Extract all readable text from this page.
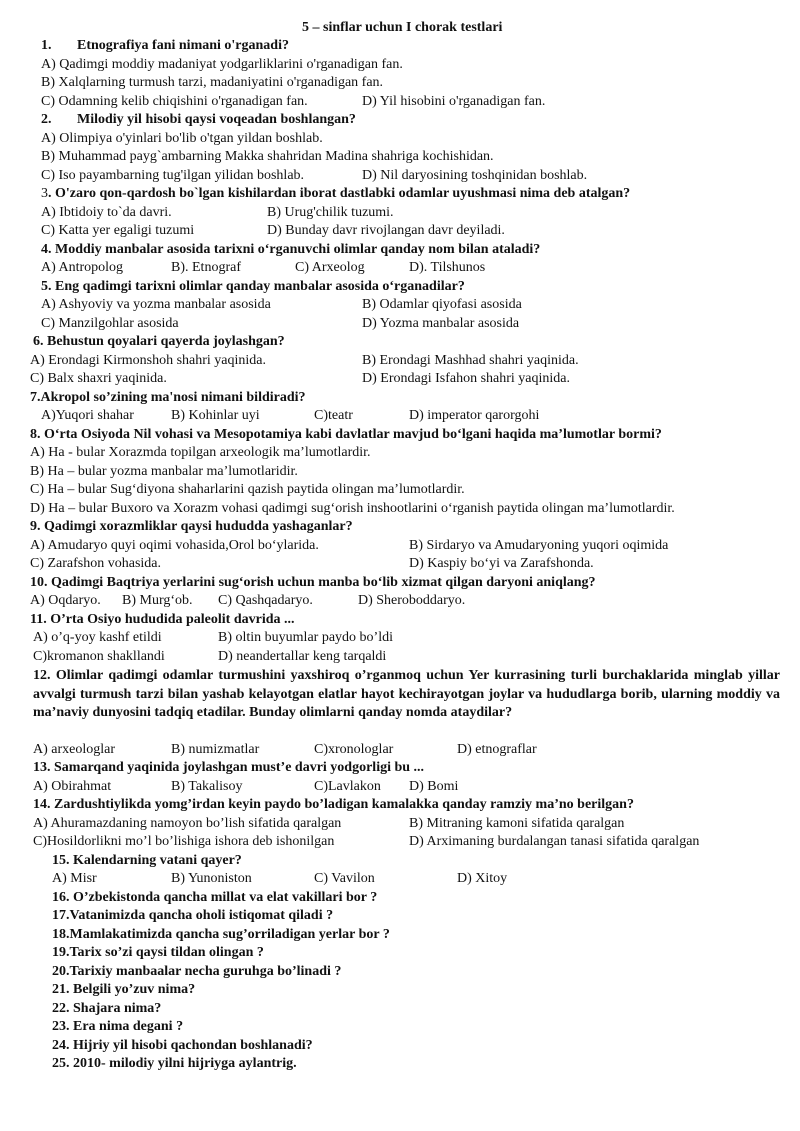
5 – sinflar uchun I chorak testlari
1. Etnografiya fani nimani o'rganadi?
A) Qadimgi moddiy madaniyat yodgarliklarini o'rganadigan fan.
B) Xalqlarning turmush tarzi, madaniyatini o'rganadigan fan.
C) Odamning kelib chiqishini o'rganadigan fan.	D) Yil hisobini o'rganadigan fan.
2. Milodiy yil hisobi qaysi voqeadan boshlangan?
A) Olimpiya o'yinlari bo'lib o'tgan yildan boshlab.
B) Muhammad payg`ambarning Makka shahridan Madina shahriga kochishidan.
C) Iso payambarning tug'ilgan yilidan boshlab.	D) Nil daryosining toshqinidan boshlab.
3 . O'zaro qon-qardosh bo`lgan kishilardan iborat dastlabki odamlar uyushmasi nima deb atalgan?
A) Ibtidoiy to`da davri.	B) Urug'chilik tuzumi.
C) Katta yer egaligi tuzumi	D) Bunday davr rivojlangan davr deyiladi.
4. Moddiy manbalar asosida tarixni o‘rganuvchi olimlar qanday nom bilan ataladi?
A) Antropolog	B). Etnograf	C) Arxeolog	D). Tilshunos
5. Eng qadimgi tarixni olimlar qanday manbalar asosida o‘rganadilar?
A) Ashyoviy va yozma manbalar asosida	B) Odamlar qiyofasi asosida
C) Manzilgohlar asosida	D) Yozma manbalar asosida
6. Behustun qoyalari qayerda joylashgan?
A) Erondagi Kirmonshoh shahri yaqinida.	B) Erondagi Mashhad shahri yaqinida.
C) Balx shaxri yaqinida.	D) Erondagi Isfahon shahri yaqinida.
7.Akropol so’zining ma'nosi nimani bildiradi?
A)Yuqori shahar	B) Kohinlar uyi	C)teatr	D) imperator qarorgohi
8. O‘rta Osiyoda Nil vohasi va Mesopotamiya kabi davlatlar mavjud bo‘lgani haqida ma’lumotlar bormi?
A) Ha - bular Xorazmda topilgan arxeologik ma’lumotlardir.
B) Ha – bular yozma manbalar ma’lumotlaridir.
C) Ha – bular Sug‘diyona shaharlarini qazish paytida olingan ma’lumotlardir.
D) Ha – bular Buxoro va Xorazm vohasi qadimgi sug‘orish inshootlarini o‘rganish paytida olingan ma’lumotlardir.
9. Qadimgi xorazmliklar qaysi hududda yashaganlar?
A) Amudaryo quyi oqimi vohasida,Orol bo‘ylarida.	B) Sirdaryo va Amudaryoning yuqori oqimida
C) Zarafshon vohasida.	D) Kaspiy bo‘yi va Zarafshonda.
10. Qadimgi Baqtriya yerlarini sug‘orish uchun manba bo‘lib xizmat qilgan daryoni aniqlang?
A) Oqdaryo. B) Murg‘ob. C) Qashqadaryo.	D) Sheroboddaryo.
11. O’rta Osiyo hududida paleolit davrida ...
A) o’q-yoy kashf etildi	B) oltin buyumlar paydo bo’ldi
C)kromanon shakllandi	D) neandertallar keng tarqaldi
12. Olimlar qadimgi odamlar turmushini yaxshiroq o’rganmoq uchun Yer kurrasining turli burchaklarida minglab yillar avvalgi turmush tarzi bilan yashab kelayotgan elatlar hayot kechirayotgan joylar va hududlarga borib, ularning moddiy va ma’naviy dunyosini tadqiq etadilar. Bunday olimlarni qanday nomda ataydilar?
A) arxeologlar	B) numizmatlar	C)xronologlar	D) etnograflar
13. Samarqand yaqinida joylashgan must’e davri yodgorligi bu ...
A) Obirahmat	B) Takalisoy	C)Lavlakon D) Bomi
14. Zardushtiylikda yomg’irdan keyin paydo bo’ladigan kamalakka qanday ramziy ma’no berilgan?
A) Ahuramazdaning namoyon bo’lish sifatida qaralgan	B) Mitraning kamoni sifatida qaralgan
C)Hosildorlikni mo’l bo’lishiga ishora deb ishonilgan	D) Arximaning burdalangan tanasi sifatida qaralgan
15. Kalendarning vatani qayer?
A) Misr	B) Yunoniston	C) Vavilon	D) Xitoy
16. O’zbekistonda qancha millat va elat vakillari bor ?
17.Vatanimizda qancha oholi istiqomat qiladi ?
18.Mamlakatimizda qancha sug’orriladigan yerlar bor ?
19.Tarix so’zi qaysi tildan olingan ?
20.Tarixiy manbaalar necha guruhga bo’linadi ?
21. Belgili yo’zuv nima?
22. Shajara nima?
23. Era nima degani ?
24. Hijriy yil hisobi qachondan boshlanadi?
25. 2010- milodiy yilni hijriyga aylantrig.
